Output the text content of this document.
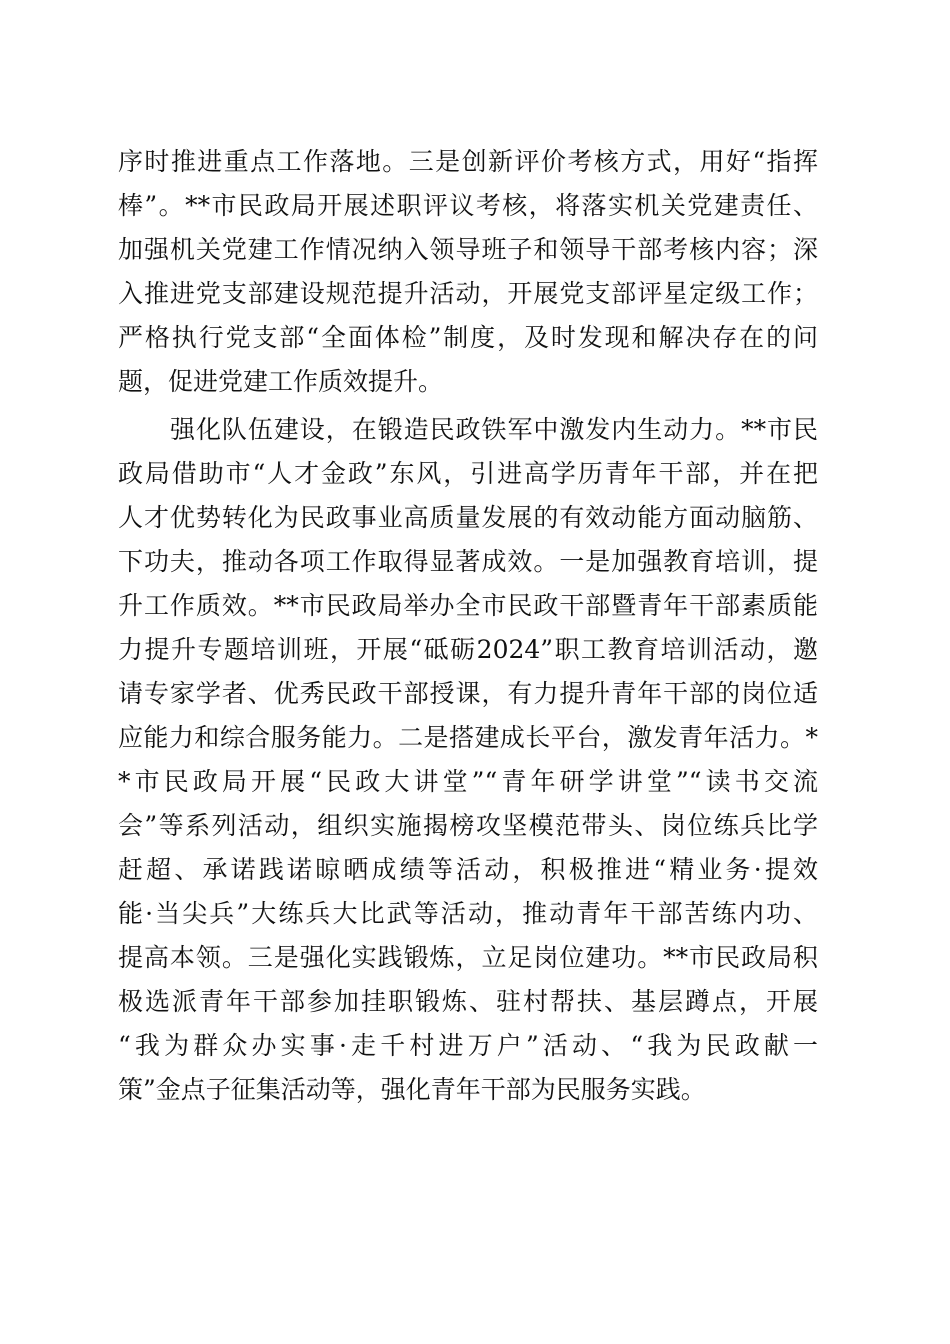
序时推进重点工作落地。三是创新评价考核方式，用好“指挥
棒”。**市民政局开展述职评议考核，将落实机关党建责任、
加强机关党建工作情况纳入领导班子和领导干部考核内容；深
入推进党支部建设规范提升活动，开展党支部评星定级工作；
严格执行党支部“全面体检”制度，及时发现和解决存在的问
题，促进党建工作质效提升。
强化队伍建设，在锻造民政铁军中激发内生动力。**市民
政局借助市“人才金政”东风，引进高学历青年干部，并在把
人才优势转化为民政事业高质量发展的有效动能方面动脑筋、
下功夫，推动各项工作取得显著成效。一是加强教育培训，提
升工作质效。**市民政局举办全市民政干部暨青年干部素质能
力提升专题培训班，开展“砥砺2024”职工教育培训活动，邀
请专家学者、优秀民政干部授课，有力提升青年干部的岗位适
应能力和综合服务能力。二是搭建成长平台，激发青年活力。*
*市民政局开展“民政大讲堂”“青年研学讲堂”“读书交流
会”等系列活动，组织实施揭榜攻坚模范带头、岗位练兵比学
赶超、承诺践诺晾晒成绩等活动，积极推进“精业务·提效
能·当尖兵”大练兵大比武等活动，推动青年干部苦练内功、
提高本领。三是强化实践锻炼，立足岗位建功。**市民政局积
极选派青年干部参加挂职锻炼、驻村帮扶、基层蹲点，开展
“我为群众办实事·走千村进万户”活动、“我为民政献一
策”金点子征集活动等，强化青年干部为民服务实践。
